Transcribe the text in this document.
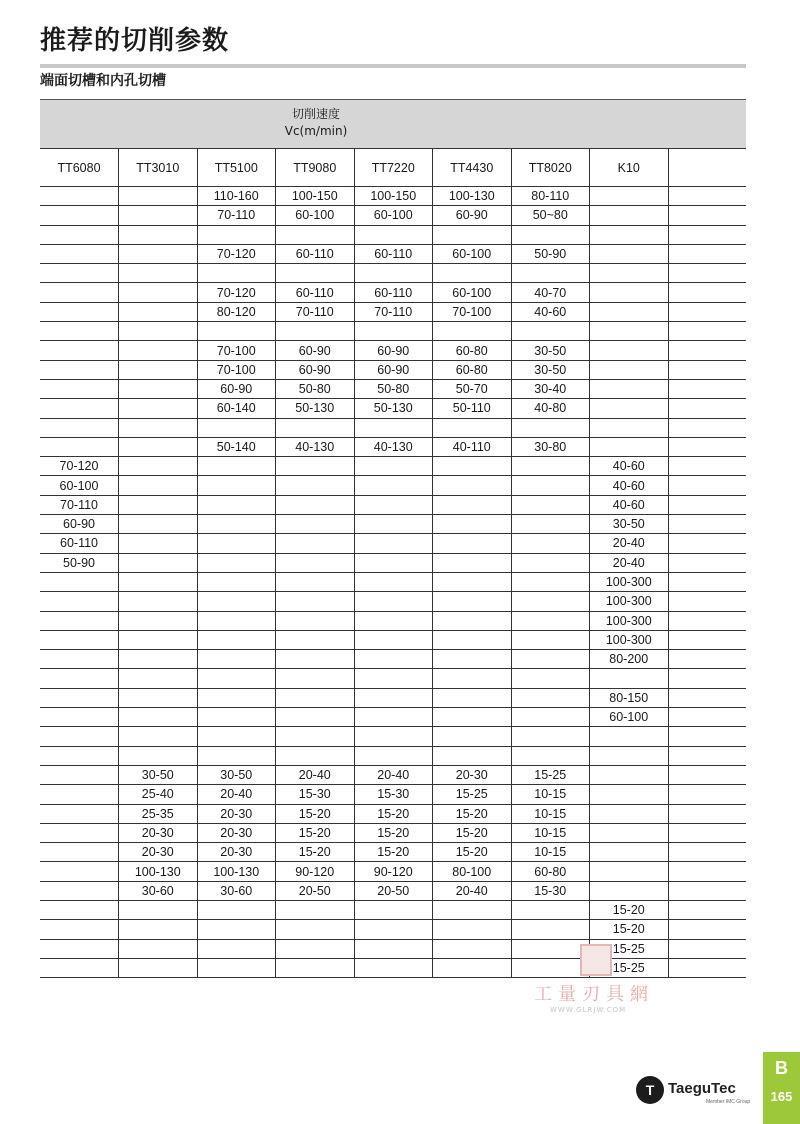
推荐的切削参数
端面切槽和内孔切槽
切削速度
Vc(m/min)
TT6080	TT3010	TT5100	TT9080	TT7220	TT4430	TT8020	K10	
		110-160	100-150	100-150	100-130	80-110		
		70-110	60-100	60-100	60-90	50~80		

		70-120	60-110	60-110	60-100	50-90		

		70-120	60-110	60-110	60-100	40-70		
		80-120	70-110	70-110	70-100	40-60		

		70-100	60-90	60-90	60-80	30-50		
		70-100	60-90	60-90	60-80	30-50		
		60-90	50-80	50-80	50-70	30-40		
		60-140	50-130	50-130	50-110	40-80		

		50-140	40-130	40-130	40-110	30-80		
70-120							40-60	
60-100							40-60	
70-110							40-60	
60-90							30-50	
60-110							20-40	
50-90							20-40	
							100-300	
							100-300	
							100-300	
							100-300	
							80-200	

							80-150	
							60-100	

	30-50	30-50	20-40	20-40	20-30	15-25		
	25-40	20-40	15-30	15-30	15-25	10-15		
	25-35	20-30	15-20	15-20	15-20	10-15		
	20-30	20-30	15-20	15-20	15-20	10-15		
	20-30	20-30	15-20	15-20	15-20	10-15		
	100-130	100-130	90-120	90-120	80-100	60-80		
	30-60	30-60	20-50	20-50	20-40	15-30		
							15-20	
							15-20	
							15-25	
							15-25	
工量刃具網
WWW.GLRJW.COM
T TaeguTec
Member IMC Group
B
165
